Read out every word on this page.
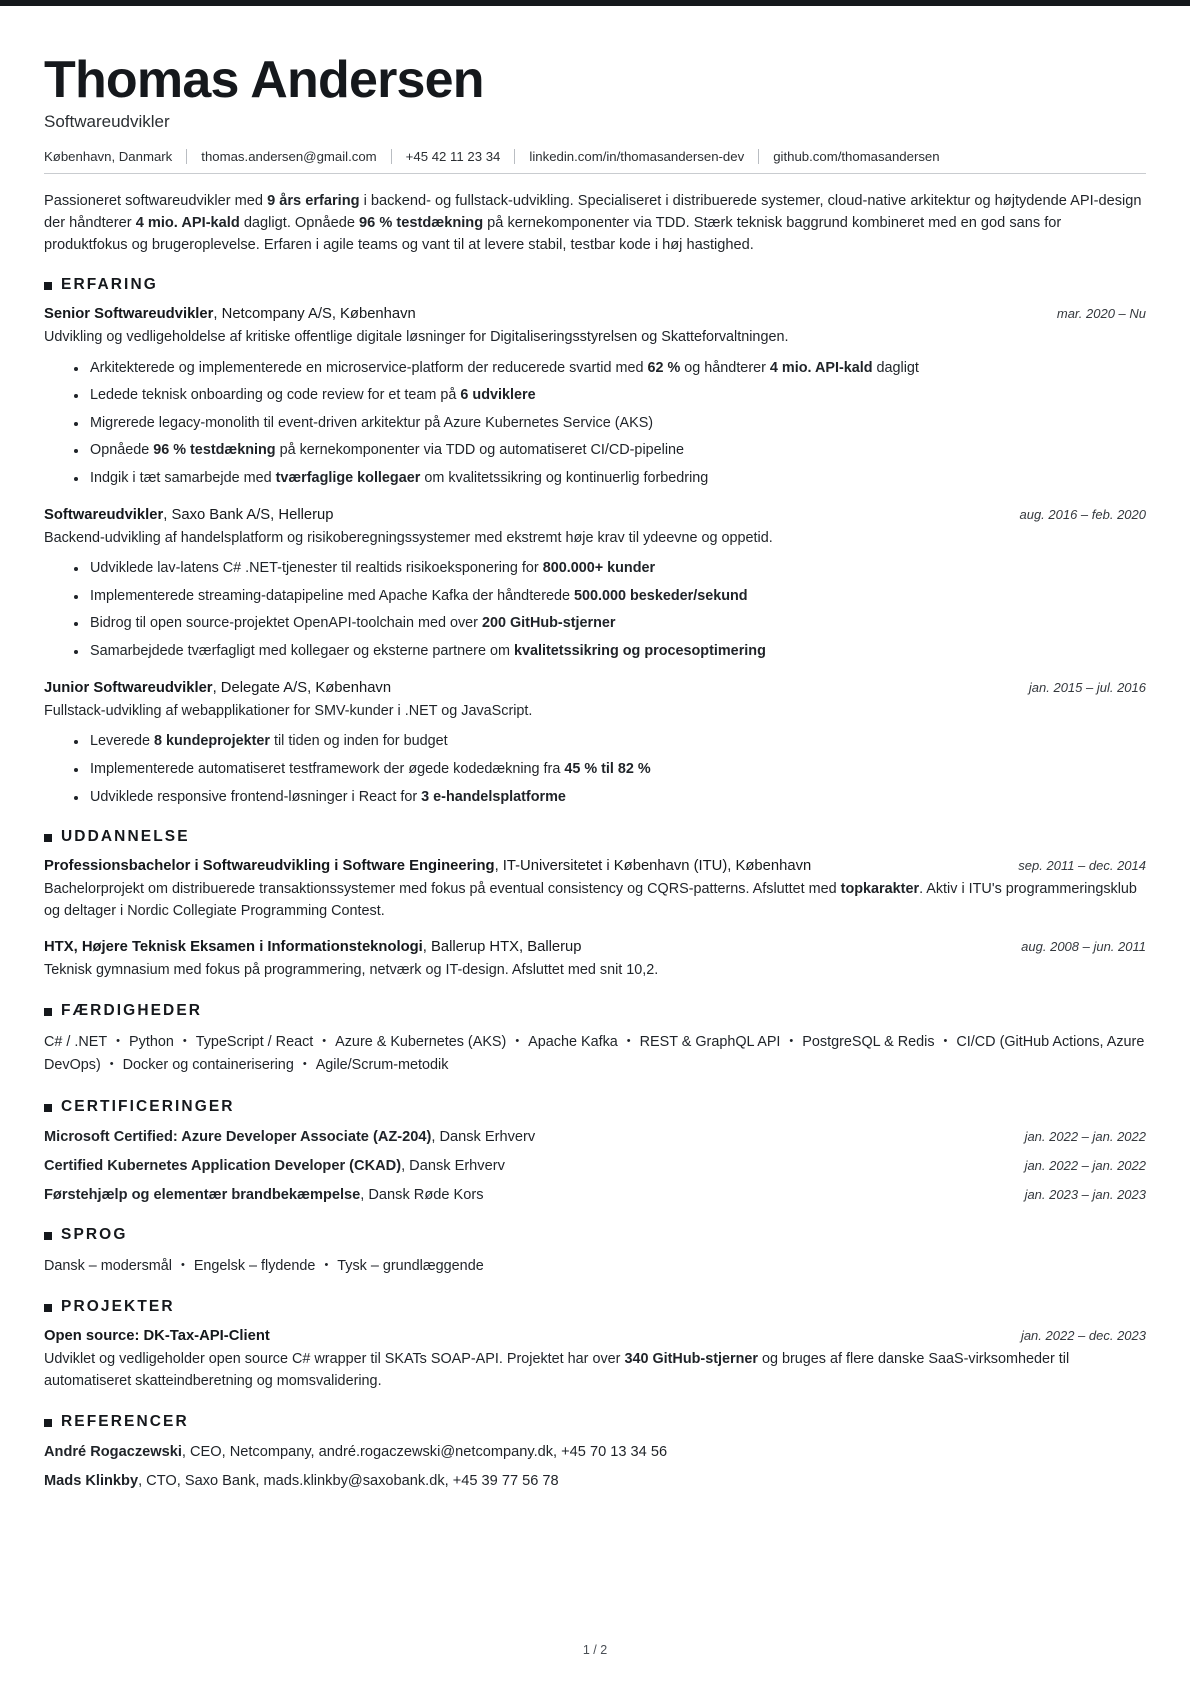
Thomas Andersen
Softwareudvikler
København, Danmark thomas.andersen@gmail.com +45 42 11 23 34 linkedin.com/in/thomasandersen-dev github.com/thomasandersen

Passioneret softwareudvikler med 9 års erfaring i backend- og fullstack-udvikling. Specialiseret i distribuerede systemer, cloud-native arkitektur og højtydende API-design der håndterer 4 mio. API-kald dagligt. Opnåede 96 % testdækning på kernekomponenter via TDD. Stærk teknisk baggrund kombineret med en god sans for produktfokus og brugeroplevelse. Erfaren i agile teams og vant til at levere stabil, testbar kode i høj hastighed.

ERFARING
Senior Softwareudvikler, Netcompany A/S, København	mar. 2020 – Nu
Udvikling og vedligeholdelse af kritiske offentlige digitale løsninger for Digitaliseringsstyrelsen og Skatteforvaltningen.
Arkitekterede og implementerede en microservice-platform der reducerede svartid med 62 % og håndterer 4 mio. API-kald dagligt
Ledede teknisk onboarding og code review for et team på 6 udviklere
Migrerede legacy-monolith til event-driven arkitektur på Azure Kubernetes Service (AKS)
Opnåede 96 % testdækning på kernekomponenter via TDD og automatiseret CI/CD-pipeline
Indgik i tæt samarbejde med tværfaglige kollegaer om kvalitetssikring og kontinuerlig forbedring
Softwareudvikler, Saxo Bank A/S, Hellerup	aug. 2016 – feb. 2020
Backend-udvikling af handelsplatform og risikoberegningssystemer med ekstremt høje krav til ydeevne og oppetid.
Udviklede lav-latens C# .NET-tjenester til realtids risikoeksponering for 800.000+ kunder
Implementerede streaming-datapipeline med Apache Kafka der håndterede 500.000 beskeder/sekund
Bidrog til open source-projektet OpenAPI-toolchain med over 200 GitHub-stjerner
Samarbejdede tværfagligt med kollegaer og eksterne partnere om kvalitetssikring og procesoptimering
Junior Softwareudvikler, Delegate A/S, København	jan. 2015 – jul. 2016
Fullstack-udvikling af webapplikationer for SMV-kunder i .NET og JavaScript.
Leverede 8 kundeprojekter til tiden og inden for budget
Implementerede automatiseret testframework der øgede kodedækning fra 45 % til 82 %
Udviklede responsive frontend-løsninger i React for 3 e-handelsplatforme
UDDANNELSE
Professionsbachelor i Softwareudvikling i Software Engineering, IT-Universitetet i København (ITU), København	sep. 2011 – dec. 2014
Bachelorprojekt om distribuerede transaktionssystemer med fokus på eventual consistency og CQRS-patterns. Afsluttet med topkarakter. Aktiv i ITU's programmeringsklub og deltager i Nordic Collegiate Programming Contest.
HTX, Højere Teknisk Eksamen i Informationsteknologi, Ballerup HTX, Ballerup	aug. 2008 – jun. 2011
Teknisk gymnasium med fokus på programmering, netværk og IT-design. Afsluttet med snit 10,2.
FÆRDIGHEDER
C# / .NET • Python • TypeScript / React • Azure & Kubernetes (AKS) • Apache Kafka • REST & GraphQL API • PostgreSQL & Redis • CI/CD (GitHub Actions, Azure DevOps) • Docker og containerisering • Agile/Scrum-metodik
CERTIFICERINGER
Microsoft Certified: Azure Developer Associate (AZ-204), Dansk Erhverv	jan. 2022 – jan. 2022
Certified Kubernetes Application Developer (CKAD), Dansk Erhverv	jan. 2022 – jan. 2022
Førstehjælp og elementær brandbekæmpelse, Dansk Røde Kors	jan. 2023 – jan. 2023
SPROG
Dansk – modersmål • Engelsk – flydende • Tysk – grundlæggende
PROJEKTER
Open source: DK-Tax-API-Client	jan. 2022 – dec. 2023
Udviklet og vedligeholder open source C# wrapper til SKATs SOAP-API. Projektet har over 340 GitHub-stjerner og bruges af flere danske SaaS-virksomheder til automatiseret skatteindberetning og momsvalidering.
REFERENCER
André Rogaczewski, CEO, Netcompany, andré.rogaczewski@netcompany.dk, +45 70 13 34 56
Mads Klinkby, CTO, Saxo Bank, mads.klinkby@saxobank.dk, +45 39 77 56 78
1 / 2
